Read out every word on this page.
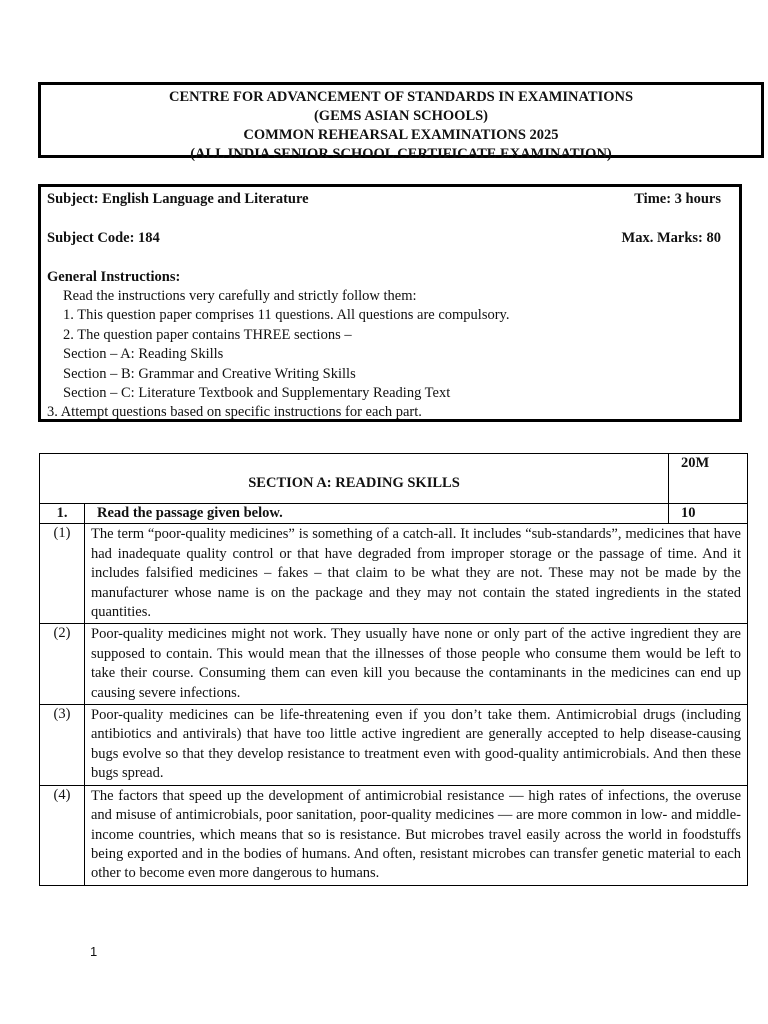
CENTRE FOR ADVANCEMENT OF STANDARDS IN EXAMINATIONS
(GEMS ASIAN SCHOOLS)
COMMON REHEARSAL EXAMINATIONS 2025
(ALL INDIA SENIOR SCHOOL CERTIFICATE EXAMINATION)
Subject: English Language and Literature	Time: 3 hours
Subject Code: 184	Max. Marks: 80
General Instructions:
Read the instructions very carefully and strictly follow them:
1. This question paper comprises 11 questions. All questions are compulsory.
2. The question paper contains THREE sections –
Section – A: Reading Skills
Section – B: Grammar and Creative Writing Skills
Section – C: Literature Textbook and Supplementary Reading Text
3. Attempt questions based on specific instructions for each part.
SECTION A: READING SKILLS		20M
1.	Read the passage given below.	10
(1)	The term “poor-quality medicines” is something of a catch-all. It includes “sub-standards”, medicines that have had inadequate quality control or that have degraded from improper storage or the passage of time. And it includes falsified medicines – fakes – that claim to be what they are not. These may not be made by the manufacturer whose name is on the package and they may not contain the stated ingredients in the stated quantities.	
(2)	Poor-quality medicines might not work. They usually have none or only part of the active ingredient they are supposed to contain. This would mean that the illnesses of those people who consume them would be left to take their course. Consuming them can even kill you because the contaminants in the medicines can end up causing severe infections.	
(3)	Poor-quality medicines can be life-threatening even if you don’t take them. Antimicrobial drugs (including antibiotics and antivirals) that have too little active ingredient are generally accepted to help disease-causing bugs evolve so that they develop resistance to treatment even with good-quality antimicrobials. And then these bugs spread.	
(4)	The factors that speed up the development of antimicrobial resistance — high rates of infections, the overuse and misuse of antimicrobials, poor sanitation, poor-quality medicines — are more common in low- and middle-income countries, which means that so is resistance. But microbes travel easily across the world in foodstuffs being exported and in the bodies of humans. And often, resistant microbes can transfer genetic material to each other to become even more dangerous to humans.	
1
